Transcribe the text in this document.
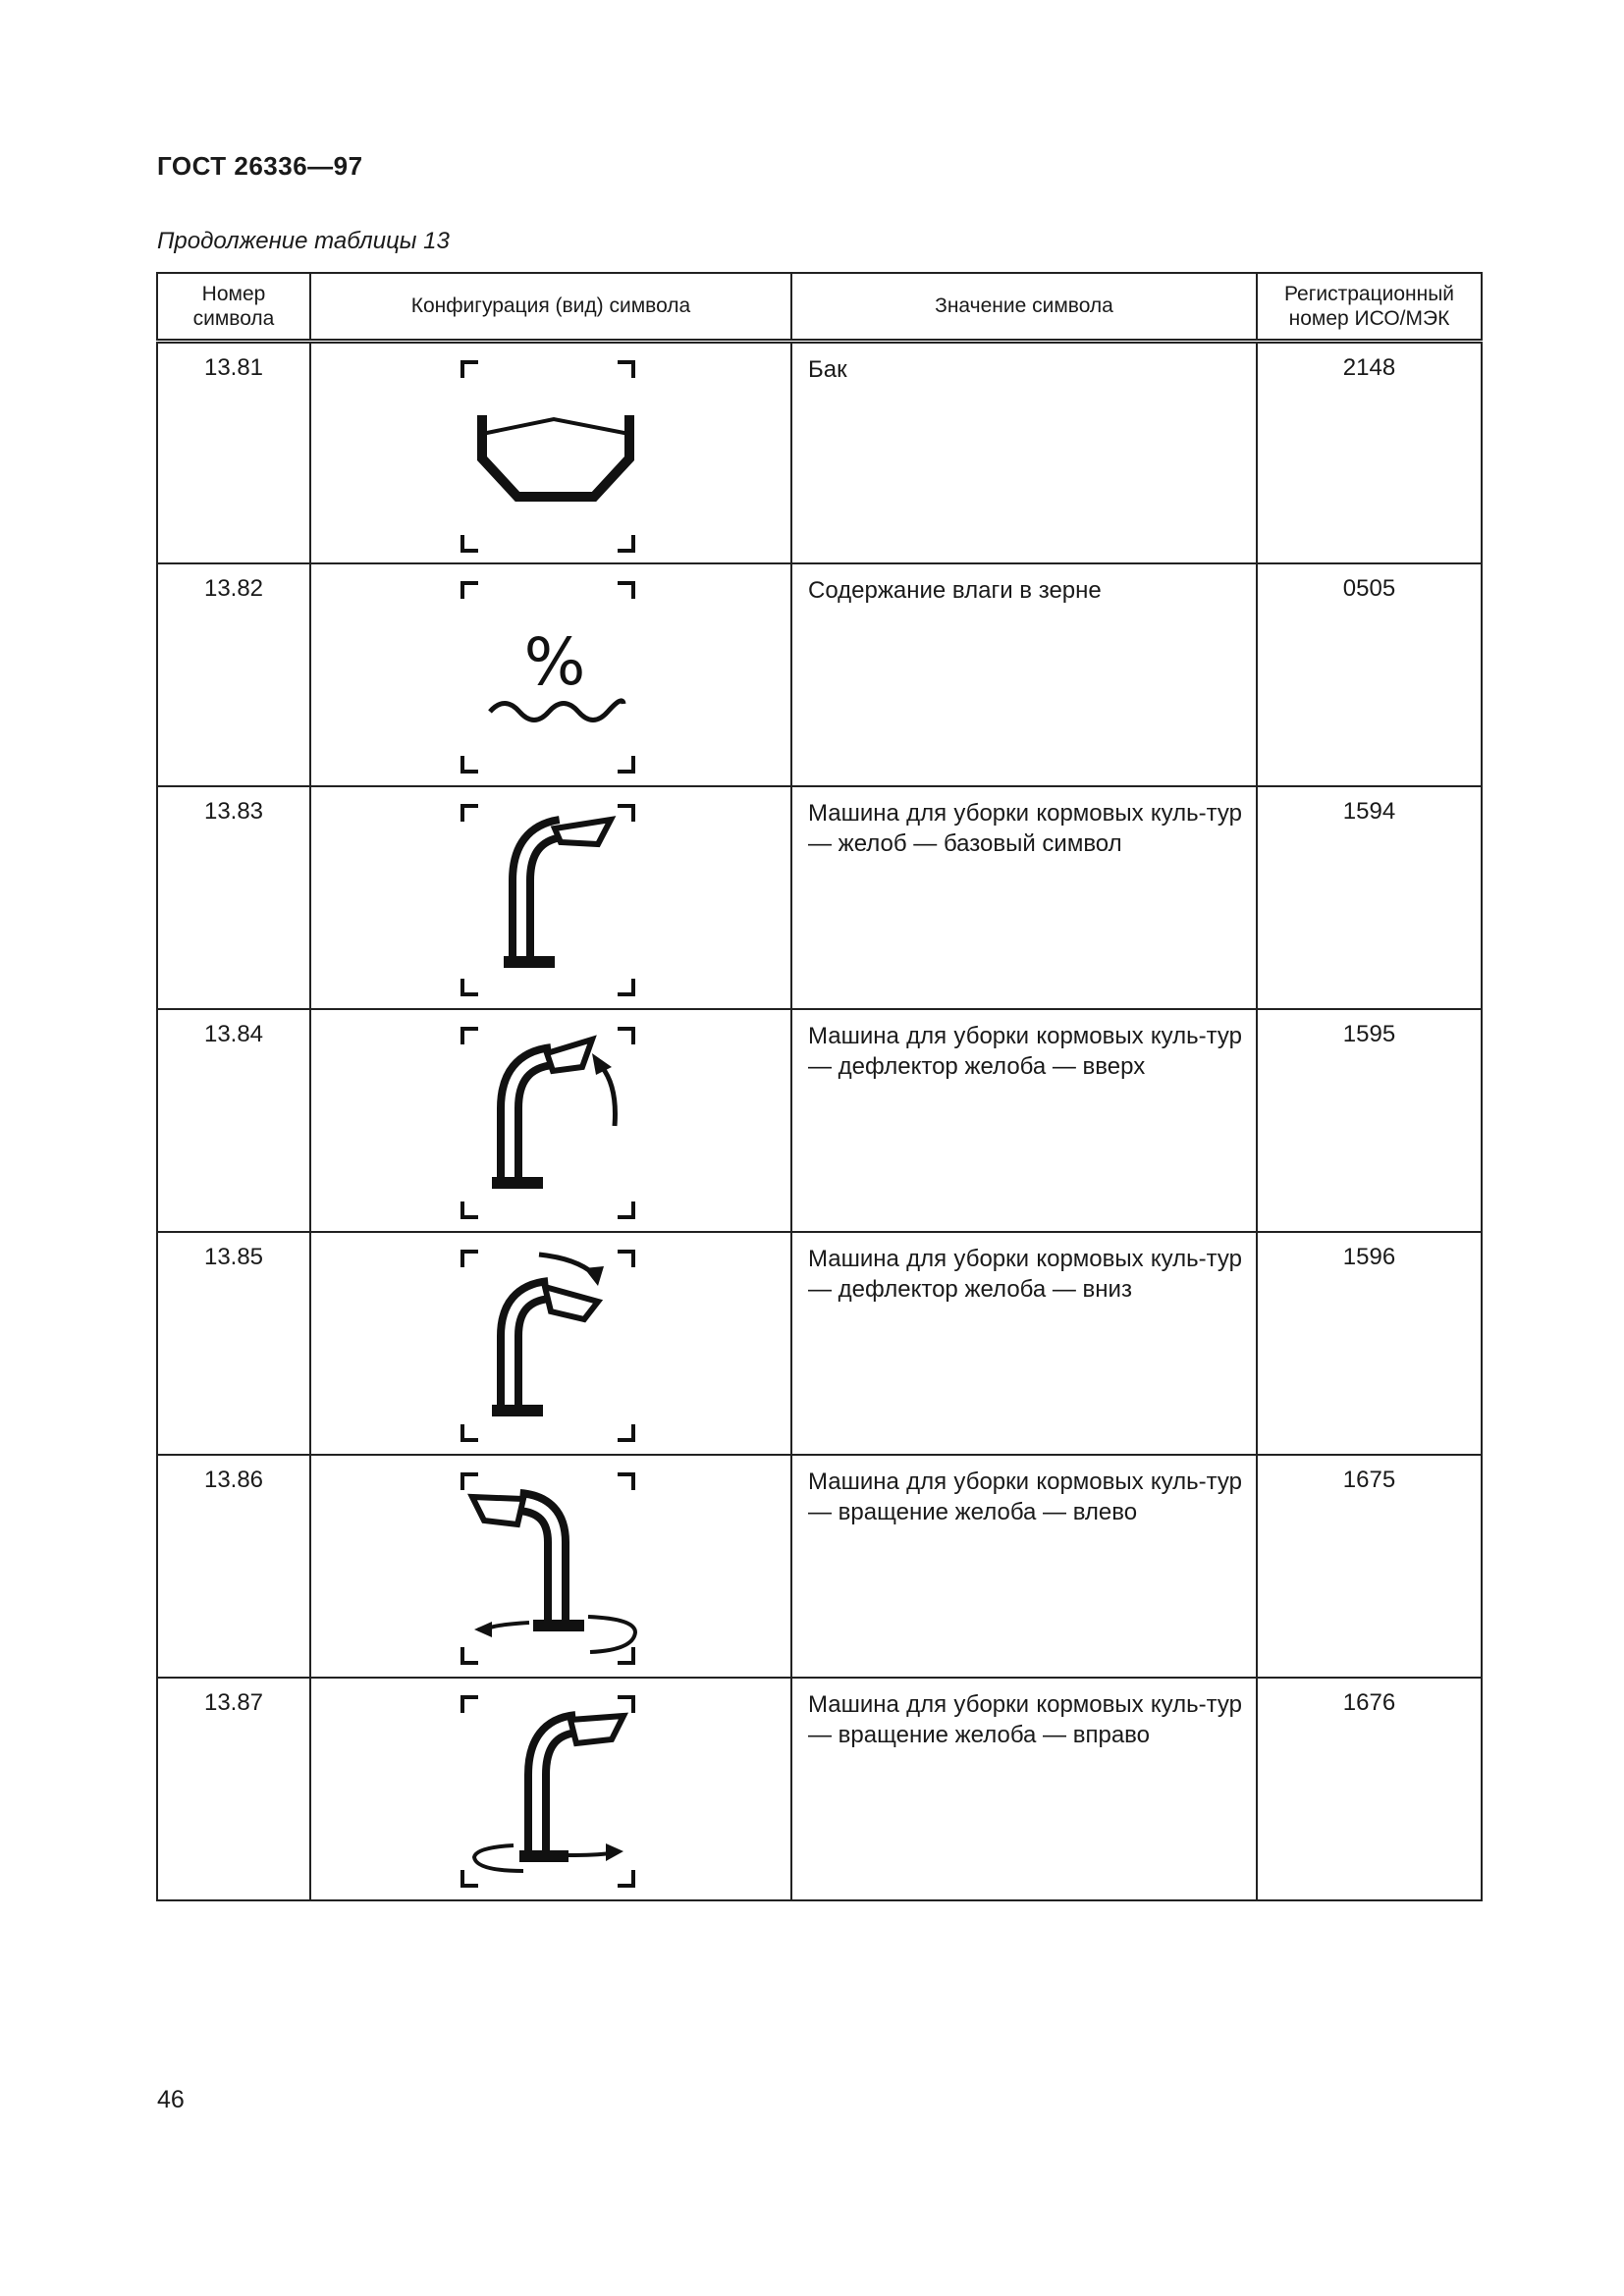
ГОСТ 26336—97
Продолжение таблицы 13
Номер символа	Конфигурация (вид) символа	Значение символа	Регистрационный номер ИСО/МЭК
13.81		Бак	2148
13.82	%	Содержание влаги в зерне	0505
13.83		Машина для уборки кормовых куль-тур — желоб — базовый символ	1594
13.84		Машина для уборки кормовых куль-тур — дефлектор желоба — вверх	1595
13.85		Машина для уборки кормовых куль-тур — дефлектор желоба — вниз	1596
13.86		Машина для уборки кормовых куль-тур — вращение желоба — влево	1675
13.87		Машина для уборки кормовых куль-тур — вращение желоба — вправо	1676
46
